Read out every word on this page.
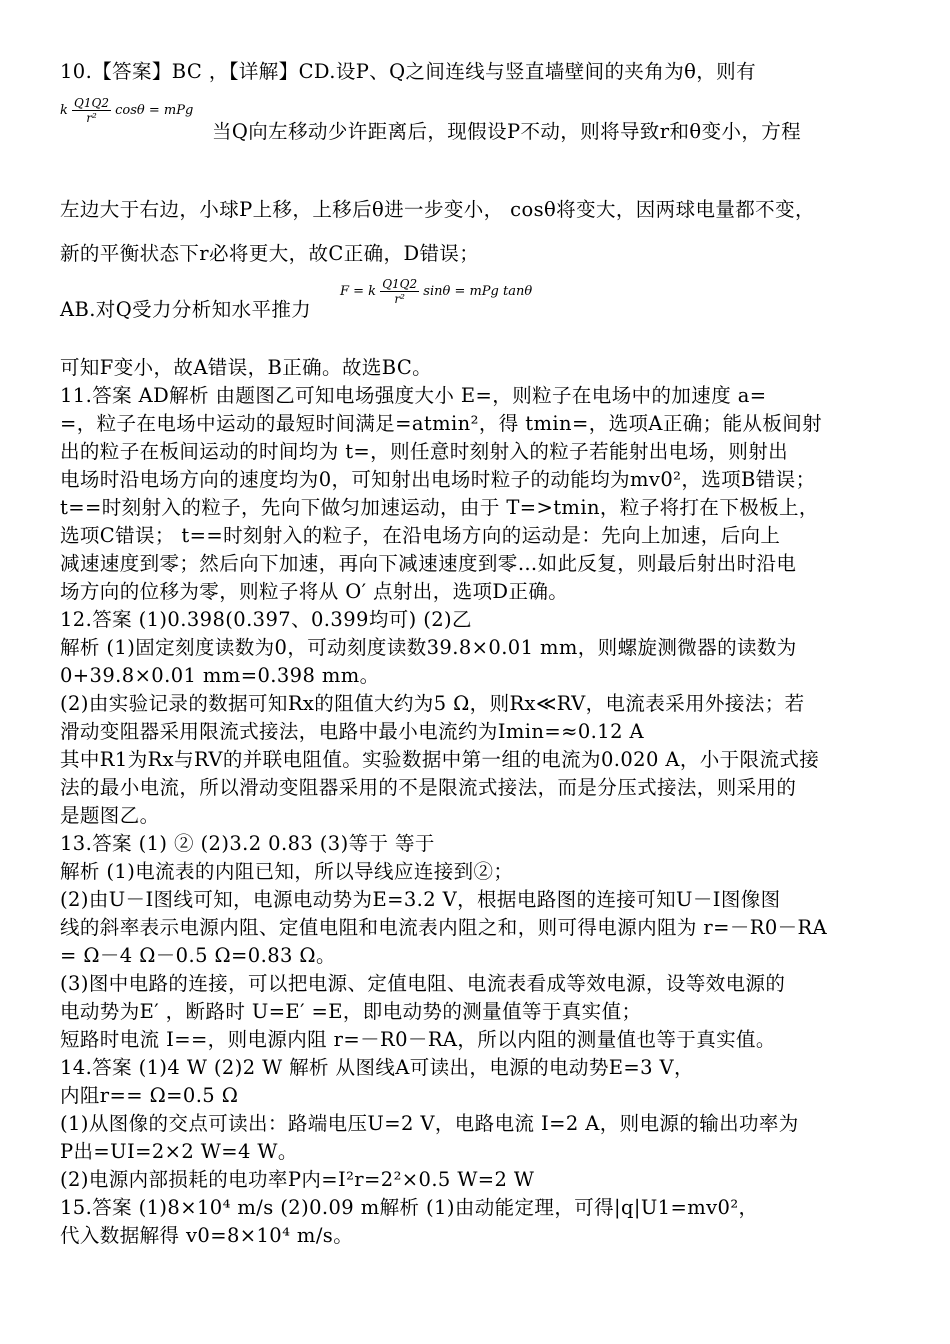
10.【答案】BC ，【详解】CD.设P、Q之间连线与竖直墙壁间的夹角为θ，则有
k $\frac{Q1Q2}{\text{r²}}$ cosθ = mPg
当Q向左移动少许距离后，现假设P不动，则将导致r和θ变小，方程
左边大于右边，小球P上移，上移后θ进一步变小， cosθ将变大，因两球电量都不变，
新的平衡状态下r必将更大，故C正确，D错误；
AB.对Q受力分析知水平推力
F = k $\frac{Q1Q2}{\text{r²}}$ sinθ = mPg tanθ
可知F变小，故A错误，B正确。故选BC。
11.答案 AD解析 由题图乙可知电场强度大小 E=，则粒子在电场中的加速度 a=
=，粒子在电场中运动的最短时间满足=atmin²，得 tmin=，选项A正确；能从板间射
出的粒子在板间运动的时间均为 t=，则任意时刻射入的粒子若能射出电场，则射出
电场时沿电场方向的速度均为0，可知射出电场时粒子的动能均为mv0²，选项B错误；
t==时刻射入的粒子，先向下做匀加速运动，由于 T=>tmin，粒子将打在下极板上，
选项C错误； t==时刻射入的粒子，在沿电场方向的运动是：先向上加速，后向上
减速速度到零；然后向下加速，再向下减速速度到零…如此反复，则最后射出时沿电
场方向的位移为零，则粒子将从 O′ 点射出，选项D正确。
12.答案 (1)0.398(0.397、0.399均可) (2)乙
解析 (1)固定刻度读数为0，可动刻度读数39.8×0.01 mm，则螺旋测微器的读数为
0+39.8×0.01 mm=0.398 mm。
(2)由实验记录的数据可知Rx的阻值大约为5 Ω，则Rx≪RV，电流表采用外接法；若
滑动变阻器采用限流式接法，电路中最小电流约为Imin=≈0.12 A
其中R1为Rx与RV的并联电阻值。实验数据中第一组的电流为0.020 A，小于限流式接
法的最小电流，所以滑动变阻器采用的不是限流式接法，而是分压式接法，则采用的
是题图乙。
13.答案 (1) ② (2)3.2 0.83 (3)等于 等于
解析 (1)电流表的内阻已知，所以导线应连接到②；
(2)由U－I图线可知，电源电动势为E=3.2 V，根据电路图的连接可知U－I图像图
线的斜率表示电源内阻、定值电阻和电流表内阻之和，则可得电源内阻为 r=－R0－RA
= Ω－4 Ω－0.5 Ω=0.83 Ω。
(3)图中电路的连接，可以把电源、定值电阻、电流表看成等效电源，设等效电源的
电动势为E′ ，断路时 U=E′ =E，即电动势的测量值等于真实值；
短路时电流 I==，则电源内阻 r=－R0－RA，所以内阻的测量值也等于真实值。
14.答案 (1)4 W (2)2 W 解析 从图线A可读出，电源的电动势E=3 V，
内阻r== Ω=0.5 Ω
(1)从图像的交点可读出：路端电压U=2 V，电路电流 I=2 A，则电源的输出功率为
P出=UI=2×2 W=4 W。
(2)电源内部损耗的电功率P内=I²r=2²×0.5 W=2 W
15.答案 (1)8×10⁴ m/s (2)0.09 m解析 (1)由动能定理，可得|q|U1=mv0²，
代入数据解得 v0=8×10⁴ m/s。
